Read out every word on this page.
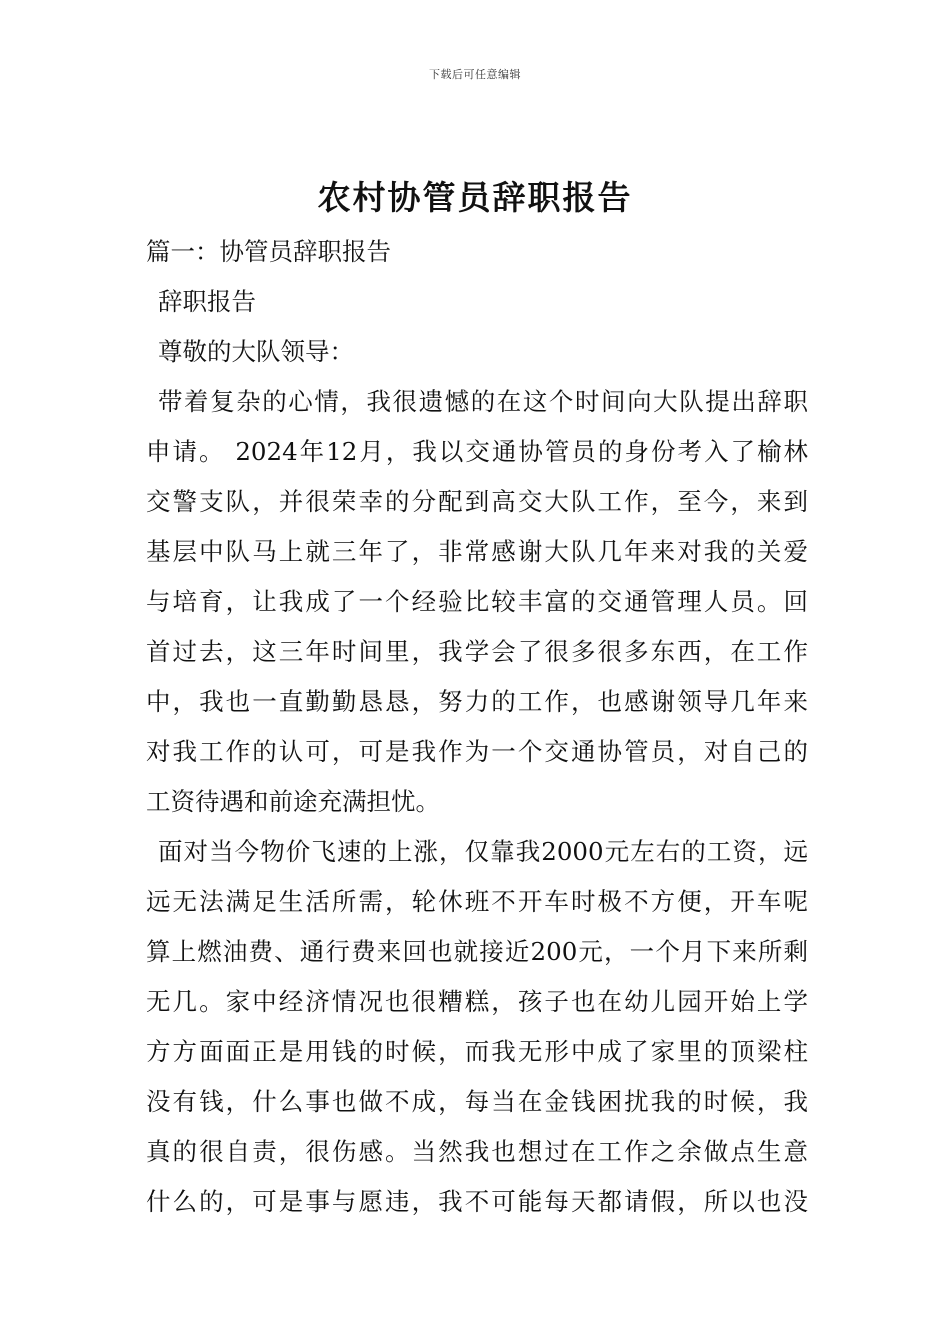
下载后可任意编辑
农村协管员辞职报告
篇一：协管员辞职报告
辞职报告
尊敬的大队领导：
带着复杂的心情，我很遗憾的在这个时间向大队提出辞职
申请。 2024年12月，我以交通协管员的身份考入了榆林
交警支队，并很荣幸的分配到高交大队工作，至今，来到
基层中队马上就三年了，非常感谢大队几年来对我的关爱
与培育，让我成了一个经验比较丰富的交通管理人员。回
首过去，这三年时间里，我学会了很多很多东西，在工作
中，我也一直勤勤恳恳，努力的工作，也感谢领导几年来
对我工作的认可，可是我作为一个交通协管员，对自己的
工资待遇和前途充满担忧。
面对当今物价飞速的上涨，仅靠我2000元左右的工资，远
远无法满足生活所需，轮休班不开车时极不方便，开车呢
算上燃油费、通行费来回也就接近200元，一个月下来所剩
无几。家中经济情况也很糟糕，孩子也在幼儿园开始上学
方方面面正是用钱的时候，而我无形中成了家里的顶梁柱
没有钱，什么事也做不成，每当在金钱困扰我的时候，我
真的很自责，很伤感。当然我也想过在工作之余做点生意
什么的，可是事与愿违，我不可能每天都请假，所以也没
